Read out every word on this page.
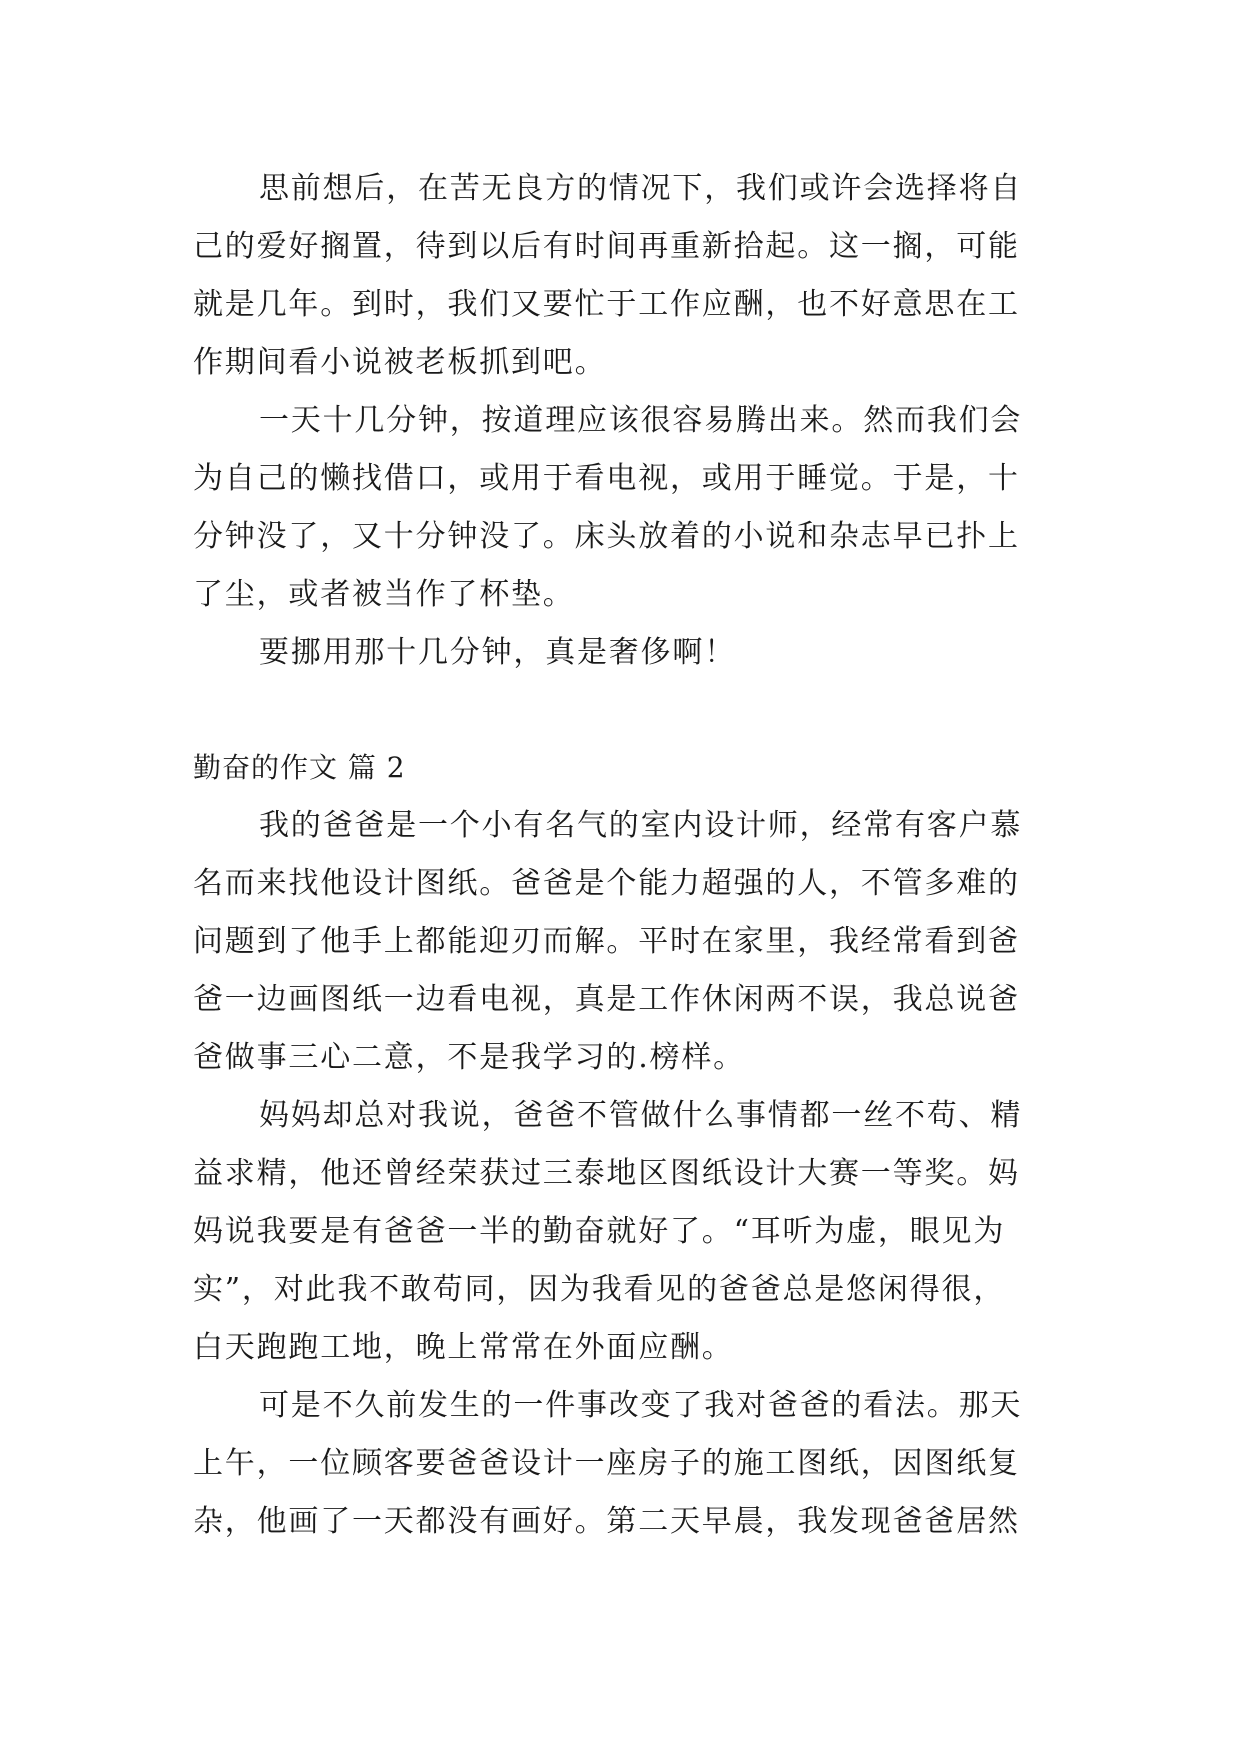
思前想后，在苦无良方的情况下，我们或许会选择将自
己的爱好搁置，待到以后有时间再重新拾起。这一搁，可能
就是几年。到时，我们又要忙于工作应酬，也不好意思在工
作期间看小说被老板抓到吧。
一天十几分钟，按道理应该很容易腾出来。然而我们会
为自己的懒找借口，或用于看电视，或用于睡觉。于是，十
分钟没了，又十分钟没了。床头放着的小说和杂志早已扑上
了尘，或者被当作了杯垫。
要挪用那十几分钟，真是奢侈啊！
勤奋的作文 篇 2
我的爸爸是一个小有名气的室内设计师，经常有客户慕
名而来找他设计图纸。爸爸是个能力超强的人，不管多难的
问题到了他手上都能迎刃而解。平时在家里，我经常看到爸
爸一边画图纸一边看电视，真是工作休闲两不误，我总说爸
爸做事三心二意，不是我学习的.榜样。
妈妈却总对我说，爸爸不管做什么事情都一丝不苟、精
益求精，他还曾经荣获过三泰地区图纸设计大赛一等奖。妈
妈说我要是有爸爸一半的勤奋就好了。“耳听为虚，眼见为
实”，对此我不敢苟同，因为我看见的爸爸总是悠闲得很，
白天跑跑工地，晚上常常在外面应酬。
可是不久前发生的一件事改变了我对爸爸的看法。那天
上午，一位顾客要爸爸设计一座房子的施工图纸，因图纸复
杂，他画了一天都没有画好。第二天早晨，我发现爸爸居然
